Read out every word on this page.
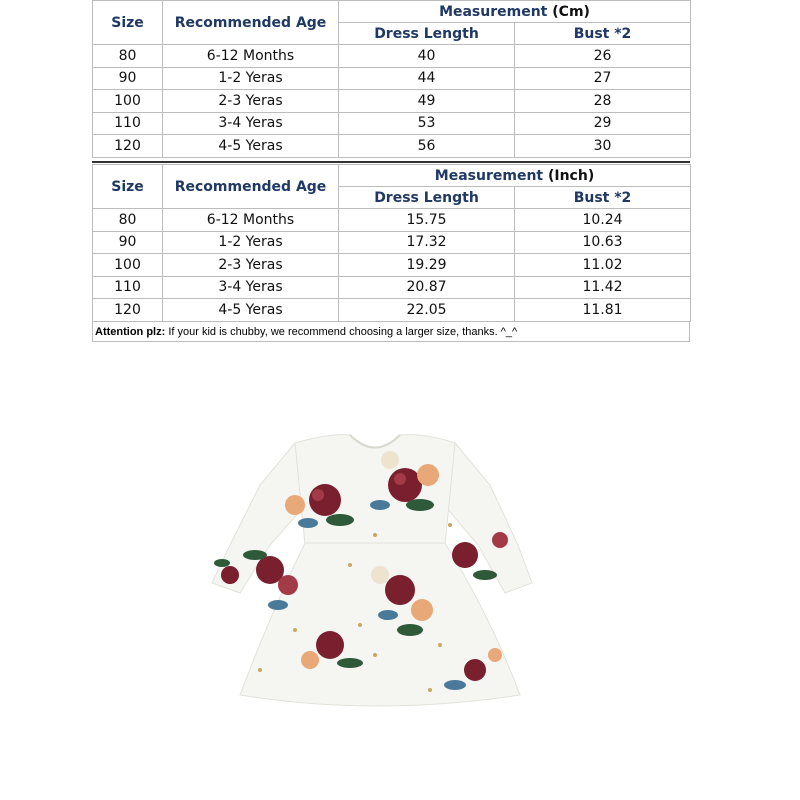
Size	Recommended Age	Measurement (Cm)	
		Dress Length	Bust *2
80	6-12 Months	40	26
90	1-2 Yeras	44	27
100	2-3 Yeras	49	28
110	3-4 Yeras	53	29
120	4-5 Yeras	56	30
Size	Recommended Age	Measurement (Inch)	
		Dress Length	Bust *2
80	6-12 Months	15.75	10.24
90	1-2 Yeras	17.32	10.63
100	2-3 Yeras	19.29	11.02
110	3-4 Yeras	20.87	11.42
120	4-5 Yeras	22.05	11.81
Attention plz: If your kid is chubby, we recommend choosing a larger size, thanks. ^_^
